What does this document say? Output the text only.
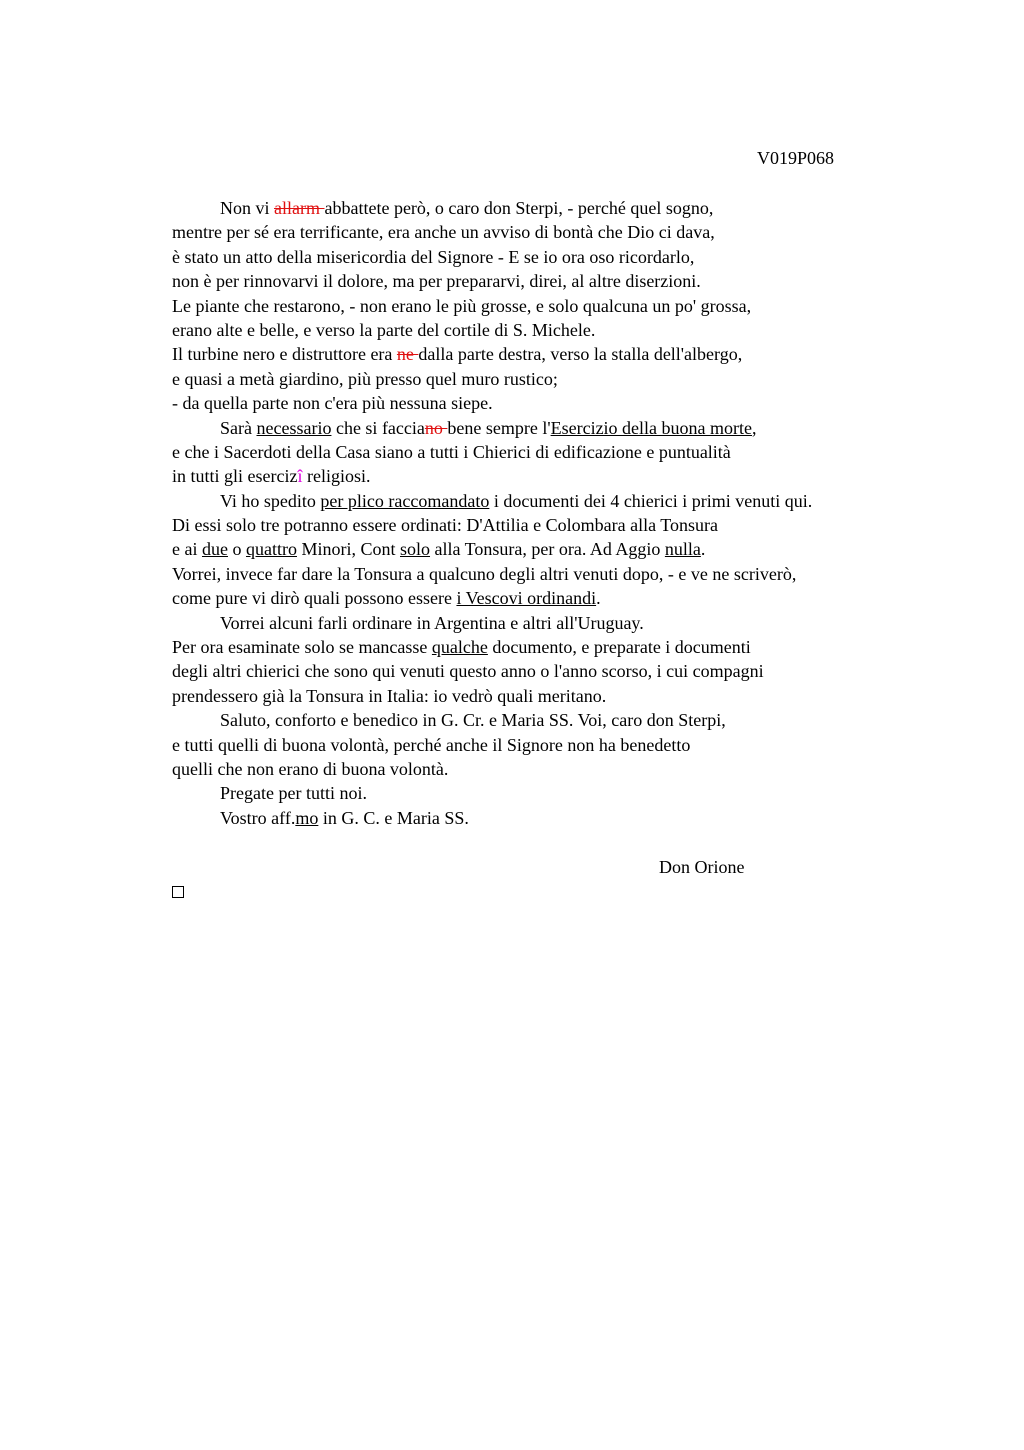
V019P068
Non vi allarm abbattete però, o caro don Sterpi, - perché quel sogno,
mentre per sé era terrificante, era anche un avviso di bontà che Dio ci dava,
è stato un atto della misericordia del Signore - E se io ora oso ricordarlo,
non è per rinnovarvi il dolore, ma per prepararvi, direi, al altre diserzioni.
Le piante che restarono, - non erano le più grosse, e solo qualcuna un po' grossa,
erano alte e belle, e verso la parte del cortile di S. Michele.
Il turbine nero e distruttore era ne dalla parte destra, verso la stalla dell'albergo,
e quasi a metà giardino, più presso quel muro rustico;
- da quella parte non c'era più nessuna siepe.
Sarà necessario che si facciano bene sempre l'Esercizio della buona morte,
e che i Sacerdoti della Casa siano a tutti i Chierici di edificazione e puntualità
in tutti gli esercizî religiosi.
Vi ho spedito per plico raccomandato i documenti dei 4 chierici i primi venuti qui.
Di essi solo tre potranno essere ordinati: D'Attilia e Colombara alla Tonsura
e ai due o quattro Minori, Cont solo alla Tonsura, per ora. Ad Aggio nulla.
Vorrei, invece far dare la Tonsura a qualcuno degli altri venuti dopo, - e ve ne scriverò,
come pure vi dirò quali possono essere i Vescovi ordinandi.
Vorrei alcuni farli ordinare in Argentina e altri all'Uruguay.
Per ora esaminate solo se mancasse qualche documento, e preparate i documenti
degli altri chierici che sono qui venuti questo anno o l'anno scorso, i cui compagni
prendessero già la Tonsura in Italia: io vedrò quali meritano.
Saluto, conforto e benedico in G. Cr. e Maria SS. Voi, caro don Sterpi,
e tutti quelli di buona volontà, perché anche il Signore non ha benedetto
quelli che non erano di buona volontà.
Pregate per tutti noi.
Vostro aff.mo in G. C. e Maria SS.
Don Orione
